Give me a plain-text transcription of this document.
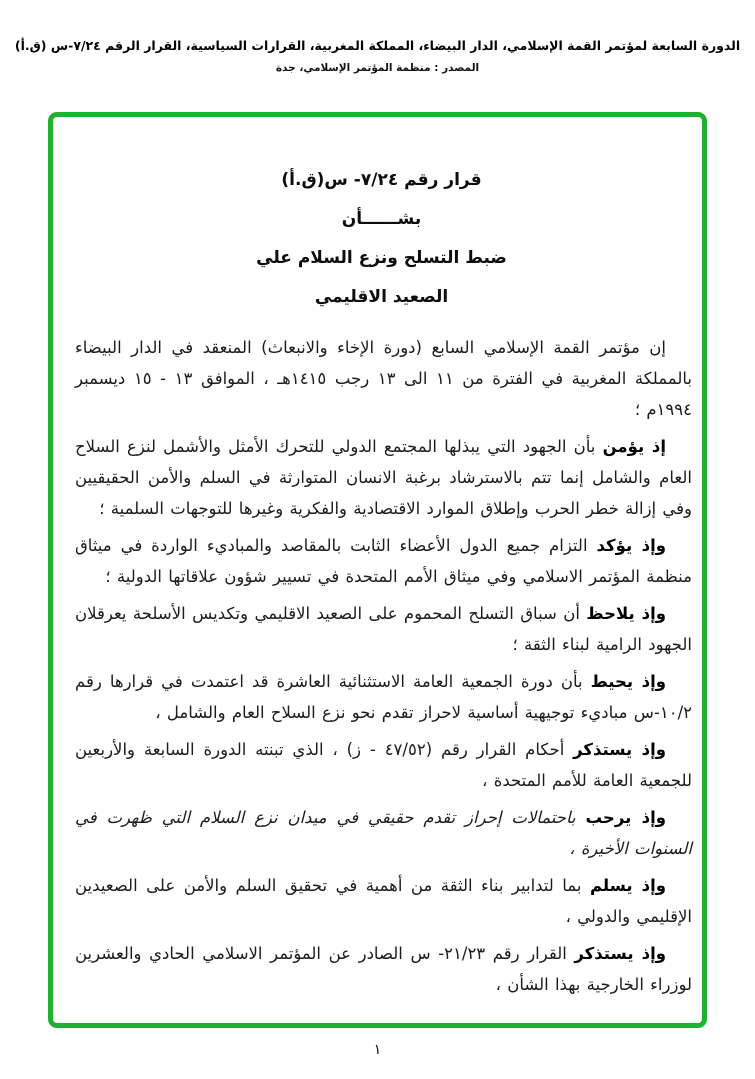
الدورة السابعة لمؤتمر القمة الإسلامي، الدار البيضاء، المملكة المغربية، القرارات السياسية، القرار الرقم ٧/٢٤-س (ق.أ)
المصدر : منظمة المؤتمر الإسلامي، جدة
قرار رقم ٧/٢٤- س(ق.أ)
بشــــــأن
ضبط التسلح ونزع السلام علي
الصعيد الاقليمي

إن مؤتمر القمة الإسلامي السابع (دورة الإخاء والانبعاث) المنعقد في الدار البيضاء بالمملكة المغربية في الفترة من ١١ الى ١٣ رجب ١٤١٥هـ ، الموافق ١٣ - ١٥ ديسمبر ١٩٩٤م ؛

إذ يؤمن بأن الجهود التي يبذلها المجتمع الدولي للتحرك الأمثل والأشمل لنزع السلاح العام والشامل إنما تتم بالاسترشاد برغبة الانسان المتوارثة في السلم والأمن الحقيقيين وفي إزالة خطر الحرب وإطلاق الموارد الاقتصادية والفكرية وغيرها للتوجهات السلمية ؛

وإذ يؤكد التزام جميع الدول الأعضاء الثابت بالمقاصد والمباديء الواردة في ميثاق منظمة المؤتمر الاسلامي وفي ميثاق الأمم المتحدة في تسيير شؤون علاقاتها الدولية ؛

وإذ يلاحظ أن سباق التسلح المحموم على الصعيد الاقليمي وتكديس الأسلحة يعرقلان الجهود الرامية لبناء الثقة ؛

وإذ يحيط بأن دورة الجمعية العامة الاستثنائية العاشرة قد اعتمدت في قرارها رقم ١٠/٢-س مباديء توجيهية أساسية لاحراز تقدم نحو نزع السلاح العام والشامل ،

وإذ يستذكر أحكام القرار رقم (٤٧/٥٢ - ز) ، الذي تبنته الدورة السابعة والأربعين للجمعية العامة للأمم المتحدة ،

وإذ يرحب باحتمالات إحراز تقدم حقيقي في ميدان نزع السلام التي ظهرت في السنوات الأخيرة ،

وإذ يسلم بما لتدابير بناء الثقة من أهمية في تحقيق السلم والأمن على الصعيدين الإقليمي والدولي ،

وإذ يستذكر القرار رقم ٢١/٢٣- س الصادر عن المؤتمر الاسلامي الحادي والعشرين لوزراء الخارجية بهذا الشأن ،

١
